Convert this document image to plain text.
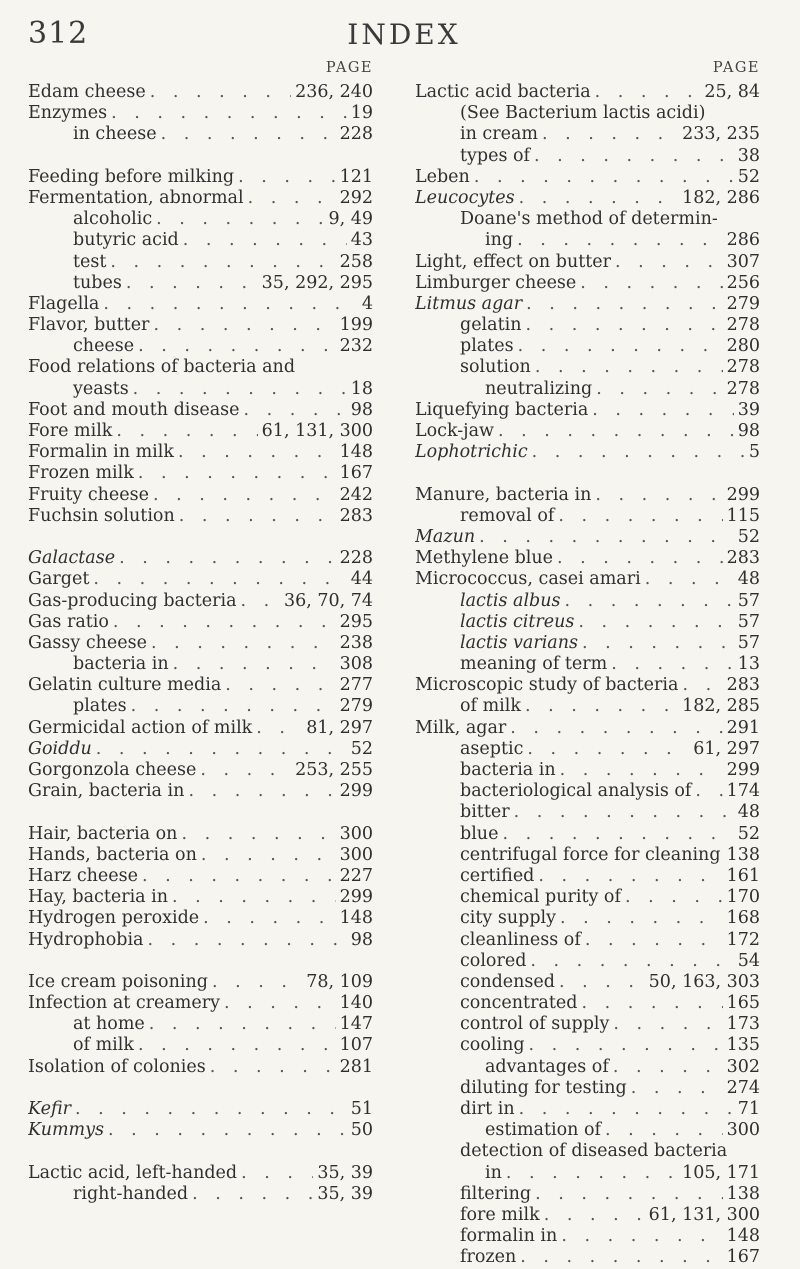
312	INDEX
PAGE
Edam cheese . . .	236, 240
Enzymes . . .	19
in cheese . . .	228
Feeding before milking . . .	121
Fermentation, abnormal . . .	292
alcoholic . . .	9, 49
butyric acid . . .	43
test . . .	258
tubes . . .	35, 292, 295
Flagella . . .	4
Flavor, butter . . .	199
cheese . . .	232
Food relations of bacteria and
yeasts . . .	18
Foot and mouth disease . . .	98
Fore milk . . .	61, 131, 300
Formalin in milk . . .	148
Frozen milk . . .	167
Fruity cheese . . .	242
Fuchsin solution . . .	283
Galactase . . .	228
Garget . . .	44
Gas-producing bacteria . . .	36, 70, 74
Gas ratio . . .	295
Gassy cheese . . .	238
bacteria in . . .	308
Gelatin culture media . . .	277
plates . . .	279
Germicidal action of milk . . .	81, 297
Goiddu . . .	52
Gorgonzola cheese . . .	253, 255
Grain, bacteria in . . .	299
Hair, bacteria on . . .	300
Hands, bacteria on . . .	300
Harz cheese . . .	227
Hay, bacteria in . . .	299
Hydrogen peroxide . . .	148
Hydrophobia . . .	98
Ice cream poisoning . . .	78, 109
Infection at creamery . . .	140
at home . . .	147
of milk . . .	107
Isolation of colonies . . .	281
Kefir . . .	51
Kummys . . .	50
Lactic acid, left-handed . . .	35, 39
right-handed . . .	35, 39
PAGE
Lactic acid bacteria . . .	25, 84
(See Bacterium lactis acidi)
in cream . . .	233, 235
types of . . .	38
Leben . . .	52
Leucocytes . . .	182, 286
Doane's method of determin-
ing . . .	286
Light, effect on butter . . .	307
Limburger cheese . . .	256
Litmus agar . . .	279
gelatin . . .	278
plates . . .	280
solution . . .	278
neutralizing . . .	278
Liquefying bacteria . . .	39
Lock-jaw . . .	98
Lophotrichic . . .	5
Manure, bacteria in . . .	299
removal of . . .	115
Mazun . . .	52
Methylene blue . . .	283
Micrococcus, casei amari . . .	48
lactis albus . . .	57
lactis citreus . . .	57
lactis varians . . .	57
meaning of term . . .	13
Microscopic study of bacteria . . .	283
of milk . . .	182, 285
Milk, agar . . .	291
aseptic . . .	61, 297
bacteria in . . .	299
bacteriological analysis of . . . 174
bitter . . .	48
blue . . .	52
centrifugal force for cleaning 138
certified . . .	161
chemical purity of . . .	170
city supply . . .	168
cleanliness of . . .	172
colored . . .	54
condensed . . .	50, 163, 303
concentrated . . .	165
control of supply . . .	173
cooling . . .	135
advantages of . . .	302
diluting for testing . . .	274
dirt in . . .	71
estimation of . . .	300
detection of diseased bacteria
in . . .	105, 171
filtering . . .	138
fore milk . . .	61, 131, 300
formalin in . . .	148
frozen . . .	167
